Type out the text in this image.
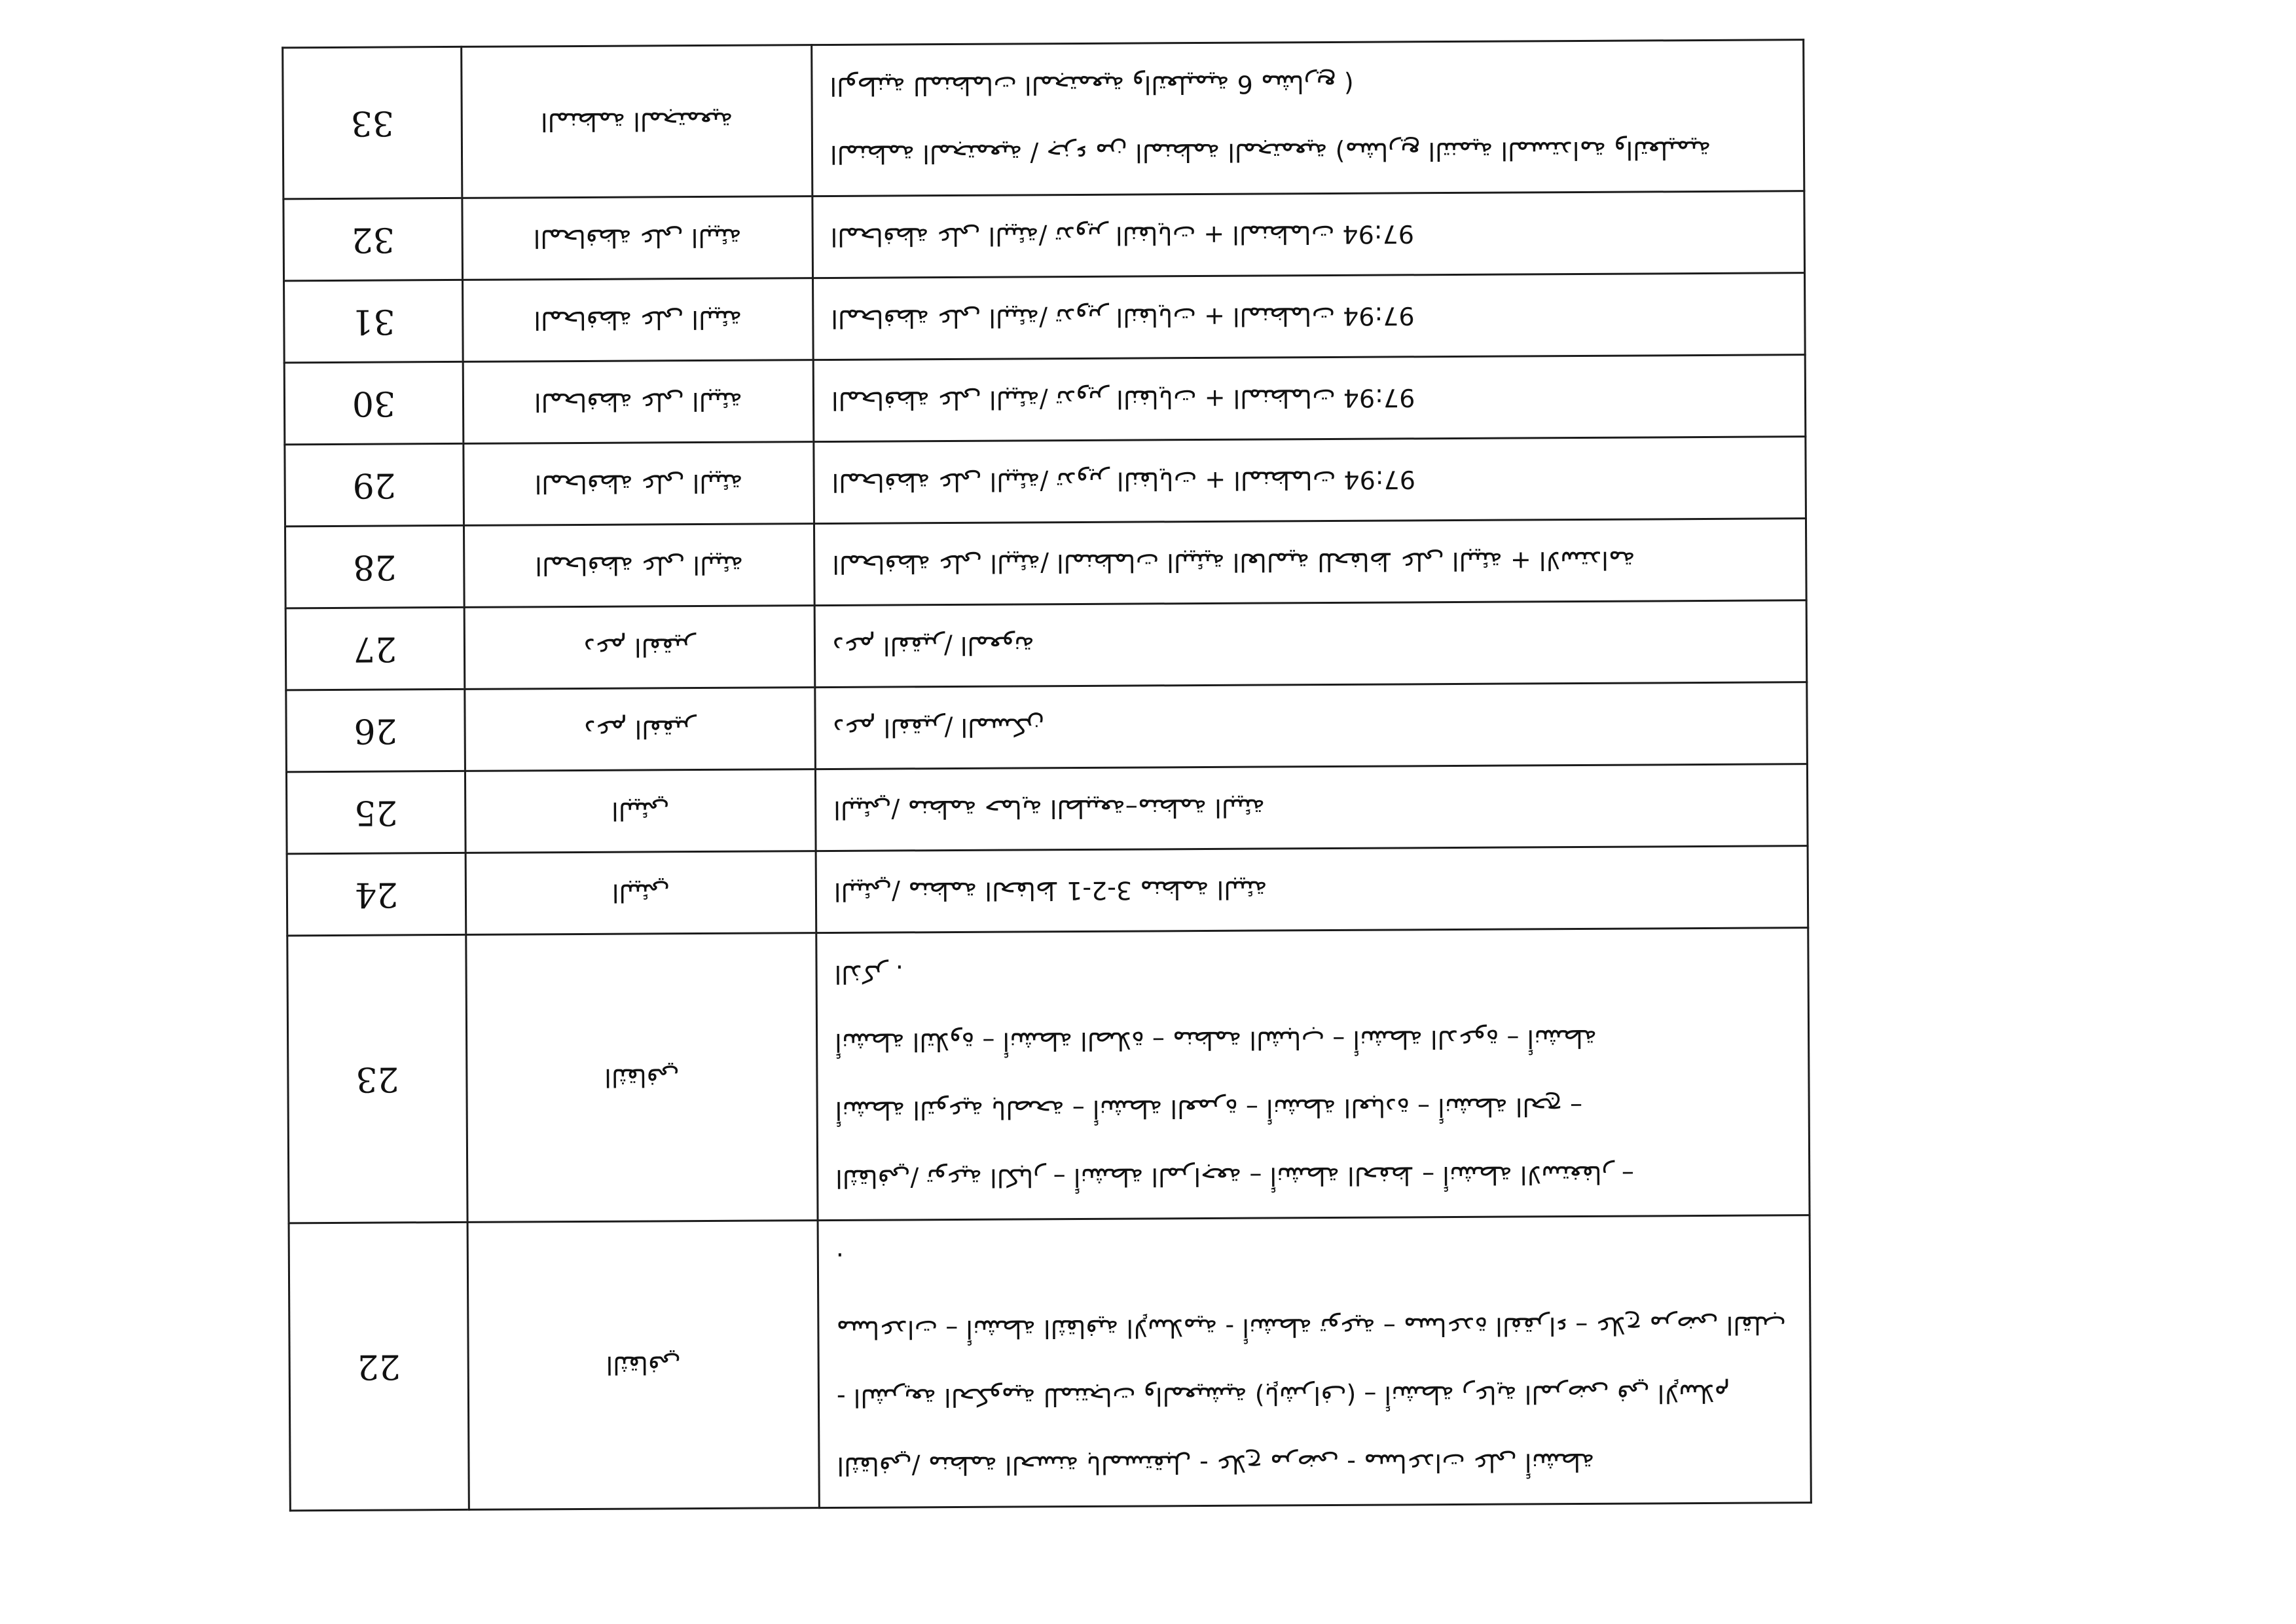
الثقافي/ منظمة الحسنة بالمستقبل - علاج مرضى - مساعدات على أنشطة
- الشريعة الحكومية للمنتجات والمعيشية (بإشراف) – أنشطة رعاية المرضى في الإسلام
مساعدات – أنشطة الثقافية الإسلامية - أنشطة توعية – مساعدة الفقراء – علاج مرضى القلب .	الثقافي	22

الثقافي/ توعية الكبار – أنشطة المراجعة – أنشطة الحفظ – أنشطة الاستغفار –
أنشطة التوعية بالصحة – أنشطة العمرة – أنشطة العبادة – أنشطة الحج –
أنشطة التلاوة – أنشطة الصلاة – منظمة الشباب – أنشطة الدعوة – أنشطة
الذكر .	الثقافي	23

البيئي/ منظمة الحفاظ 1-2-3 منظمة البيئة	البيئي	24

البيئي/ منظمة حماية الطبيعة–منظمة البيئة	البيئي	25

دعم الفقير/ المسكن	دعم الفقير	26

دعم الفقير/ المعونة	دعم الفقير	27

المحافظة على البيئة/ المنظمات البيئية العالمية للحفاظ على البيئة + الاستدامة	المحافظة على البيئة	28

المحافظة على البيئة/ تدوير النفايات + المنظمات 97:94	المحافظة على البيئة	29

المحافظة على البيئة/ تدوير النفايات + المنظمات 97:94	المحافظة على البيئة	30

المحافظة على البيئة/ تدوير النفايات + المنظمات 97:94	المحافظة على البيئة	31

المحافظة على البيئة/ تدوير النفايات + المنظمات 97:94	المحافظة على البيئة	32

المنظمة المجتمعية / جزء من المنظمة المجتمعية (مشاريع التنمية المستدامة والتعليمية
الوطنية للمنظمات المجتمعية والتعليمية 6 مشاريع )	المنظمة المجتمعية	33
